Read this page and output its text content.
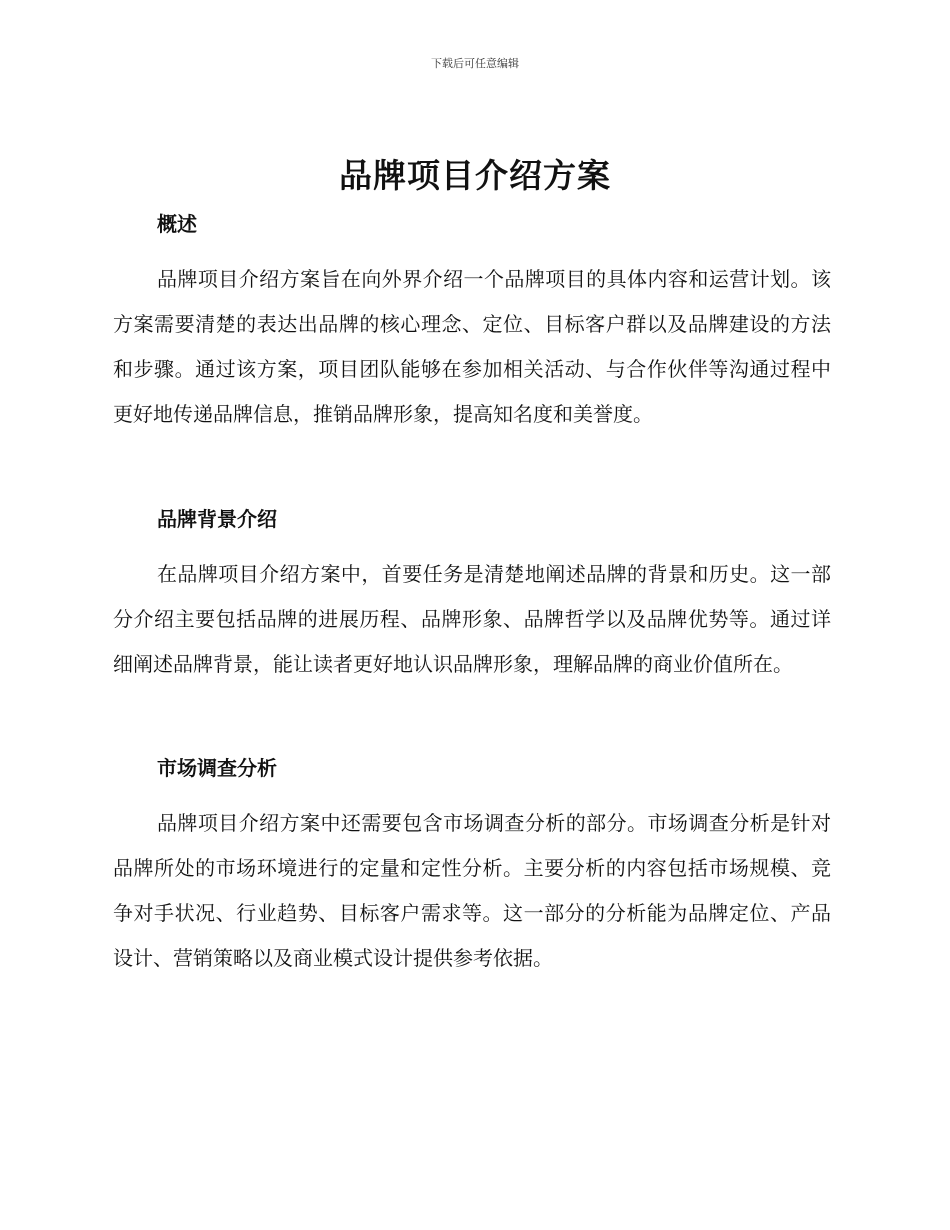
下载后可任意编辑
品牌项目介绍方案
概述

品牌项目介绍方案旨在向外界介绍一个品牌项目的具体内容和运营计划。该方案需要清楚的表达出品牌的核心理念、定位、目标客户群以及品牌建设的方法和步骤。通过该方案，项目团队能够在参加相关活动、与合作伙伴等沟通过程中更好地传递品牌信息，推销品牌形象，提高知名度和美誉度。

品牌背景介绍

在品牌项目介绍方案中，首要任务是清楚地阐述品牌的背景和历史。这一部分介绍主要包括品牌的进展历程、品牌形象、品牌哲学以及品牌优势等。通过详细阐述品牌背景，能让读者更好地认识品牌形象，理解品牌的商业价值所在。

市场调查分析

品牌项目介绍方案中还需要包含市场调查分析的部分。市场调查分析是针对品牌所处的市场环境进行的定量和定性分析。主要分析的内容包括市场规模、竞争对手状况、行业趋势、目标客户需求等。这一部分的分析能为品牌定位、产品设计、营销策略以及商业模式设计提供参考依据。
